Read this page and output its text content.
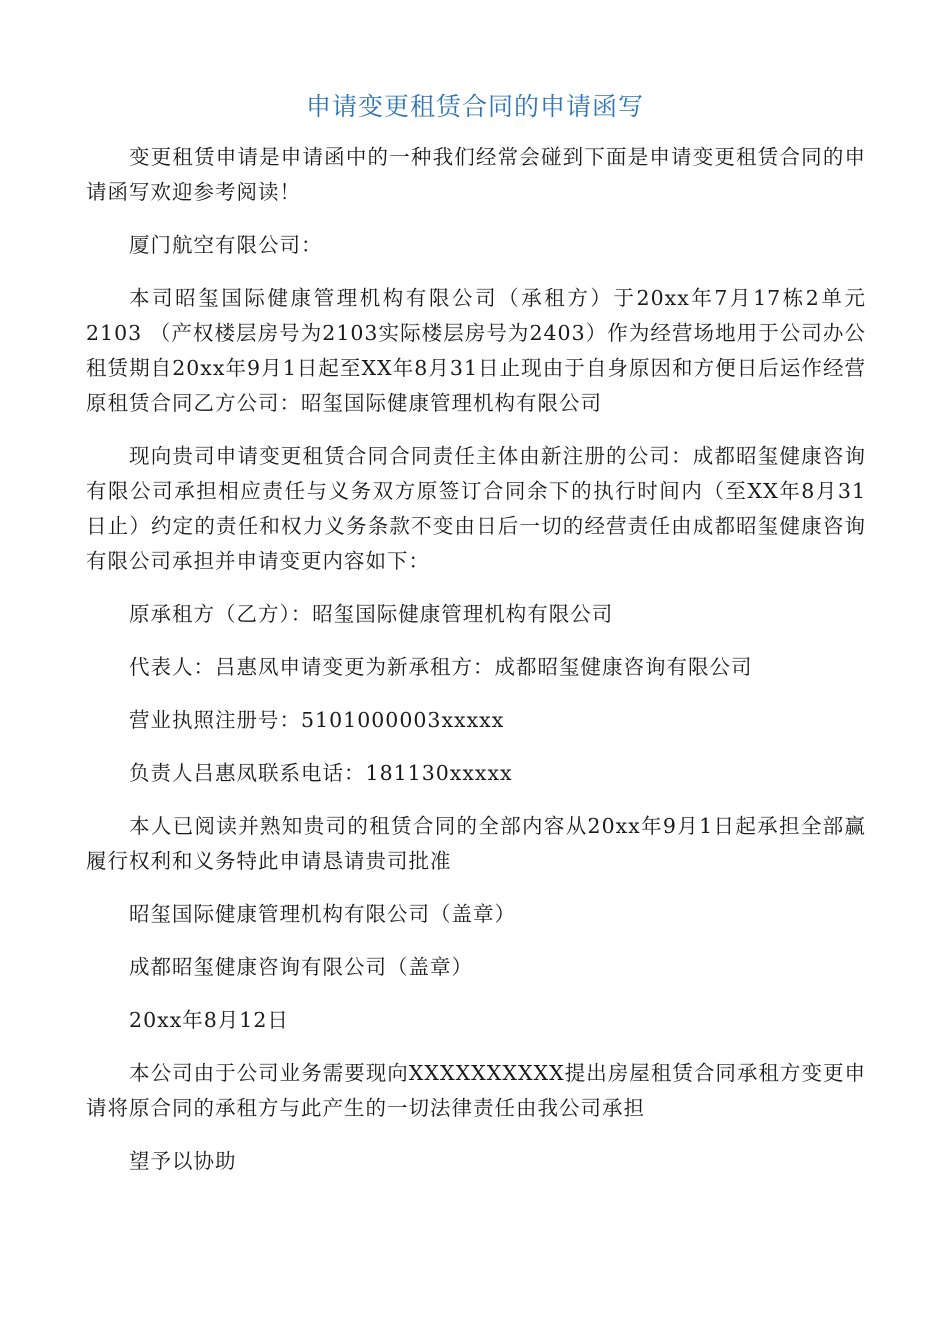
申请变更租赁合同的申请函写

变更租赁申请是申请函中的一种我们经常会碰到下面是申请变更租赁合同的申请函写欢迎参考阅读！

厦门航空有限公司：

本司昭玺国际健康管理机构有限公司（承租方）于20xx年7月17栋2单元2103 （产权楼层房号为2103实际楼层房号为2403）作为经营场地用于公司办公租赁期自20xx年9月1日起至XX年8月31日止现由于自身原因和方便日后运作经营原租赁合同乙方公司：昭玺国际健康管理机构有限公司

现向贵司申请变更租赁合同合同责任主体由新注册的公司：成都昭玺健康咨询有限公司承担相应责任与义务双方原签订合同余下的执行时间内（至XX年8月31日止）约定的责任和权力义务条款不变由日后一切的经营责任由成都昭玺健康咨询有限公司承担并申请变更内容如下：

原承租方（乙方）：昭玺国际健康管理机构有限公司

代表人：吕惠凤申请变更为新承租方：成都昭玺健康咨询有限公司

营业执照注册号：5101000003xxxxx

负责人吕惠凤联系电话：181130xxxxx

本人已阅读并熟知贵司的租赁合同的全部内容从20xx年9月1日起承担全部赢履行权利和义务特此申请恳请贵司批准

昭玺国际健康管理机构有限公司（盖章）

成都昭玺健康咨询有限公司（盖章）

20xx年8月12日

本公司由于公司业务需要现向XXXXXXXXXX提出房屋租赁合同承租方变更申请将原合同的承租方与此产生的一切法律责任由我公司承担

望予以协助
